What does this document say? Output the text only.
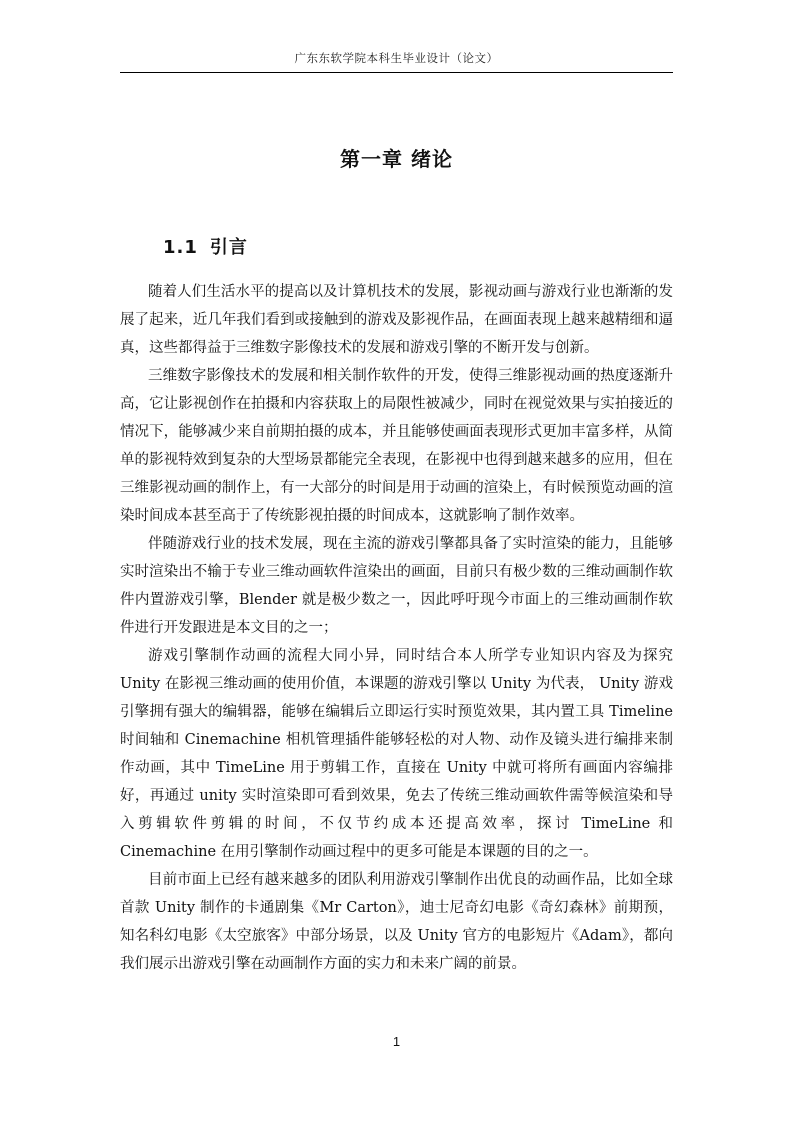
广东东软学院本科生毕业设计（论文）
第一章 绪论
1.1 引言

随着人们生活水平的提高以及计算机技术的发展，影视动画与游戏行业也渐渐的发展了起来，近几年我们看到或接触到的游戏及影视作品，在画面表现上越来越精细和逼真，这些都得益于三维数字影像技术的发展和游戏引擎的不断开发与创新。

三维数字影像技术的发展和相关制作软件的开发，使得三维影视动画的热度逐渐升高，它让影视创作在拍摄和内容获取上的局限性被减少，同时在视觉效果与实拍接近的情况下，能够减少来自前期拍摄的成本，并且能够使画面表现形式更加丰富多样，从简单的影视特效到复杂的大型场景都能完全表现，在影视中也得到越来越多的应用，但在三维影视动画的制作上，有一大部分的时间是用于动画的渲染上，有时候预览动画的渲染时间成本甚至高于了传统影视拍摄的时间成本，这就影响了制作效率。

伴随游戏行业的技术发展，现在主流的游戏引擎都具备了实时渲染的能力，且能够实时渲染出不输于专业三维动画软件渲染出的画面，目前只有极少数的三维动画制作软件内置游戏引擎，Blender 就是极少数之一，因此呼吁现今市面上的三维动画制作软件进行开发跟进是本文目的之一；

游戏引擎制作动画的流程大同小异，同时结合本人所学专业知识内容及为探究 Unity 在影视三维动画的使用价值，本课题的游戏引擎以 Unity 为代表， Unity 游戏引擎拥有强大的编辑器，能够在编辑后立即运行实时预览效果，其内置工具 Timeline 时间轴和 Cinemachine 相机管理插件能够轻松的对人物、动作及镜头进行编排来制作动画，其中 TimeLine 用于剪辑工作，直接在 Unity 中就可将所有画面内容编排好，再通过 unity 实时渲染即可看到效果，免去了传统三维动画软件需等候渲染和导入剪辑软件剪辑的时间，不仅节约成本还提高效率，探讨 TimeLine 和 Cinemachine 在用引擎制作动画过程中的更多可能是本课题的目的之一。

目前市面上已经有越来越多的团队利用游戏引擎制作出优良的动画作品，比如全球首款 Unity 制作的卡通剧集《Mr Carton》，迪士尼奇幻电影《奇幻森林》前期预，知名科幻电影《太空旅客》中部分场景，以及 Unity 官方的电影短片《Adam》，都向我们展示出游戏引擎在动画制作方面的实力和未来广阔的前景。

1
